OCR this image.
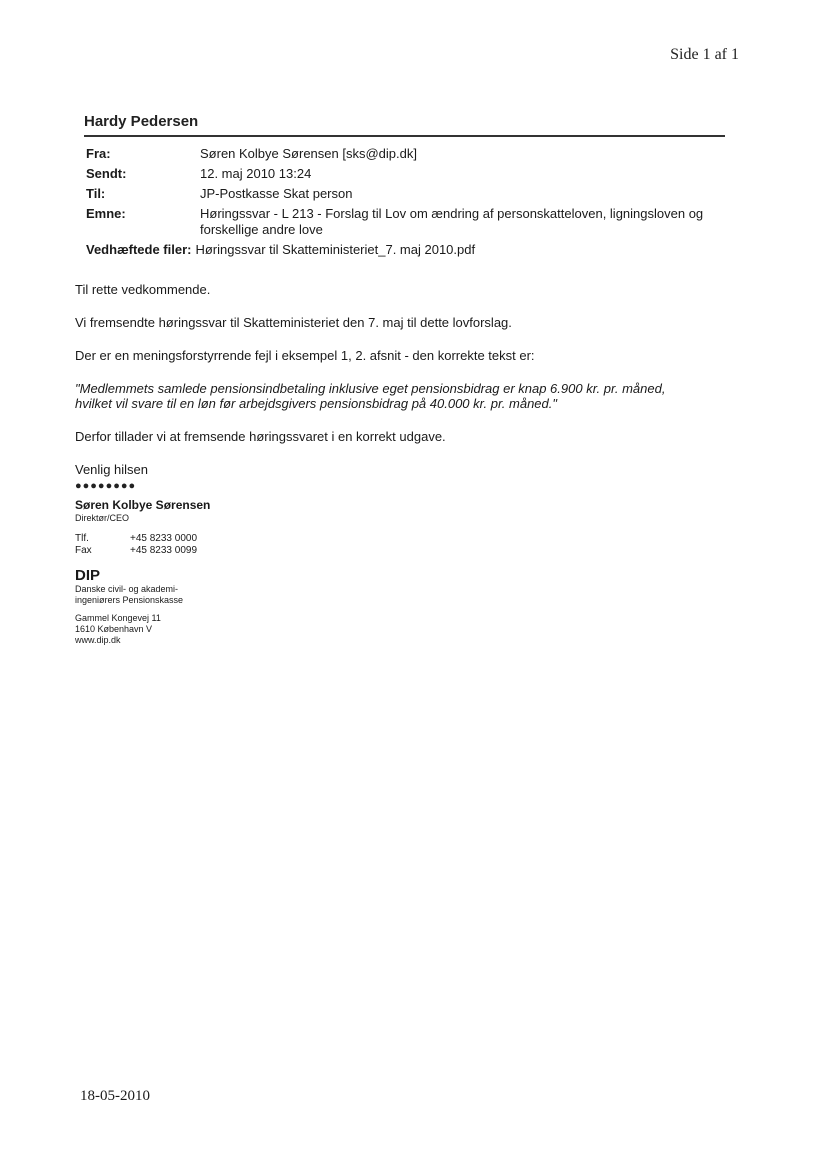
Side 1 af 1
Hardy Pedersen
Fra:	Søren Kolbye Sørensen [sks@dip.dk]
Sendt:	12. maj 2010 13:24
Til:	JP-Postkasse Skat person
Emne:	Høringssvar - L 213 - Forslag til Lov om ændring af personskatteloven, ligningsloven og forskellige andre love
Vedhæftede filer: Høringssvar til Skatteministeriet_7. maj 2010.pdf

Til rette vedkommende.

Vi fremsendte høringssvar til Skatteministeriet den 7. maj til dette lovforslag.

Der er en meningsforstyrrende fejl i eksempel 1, 2. afsnit - den korrekte tekst er:

"Medlemmets samlede pensionsindbetaling inklusive eget pensionsbidrag er knap 6.900 kr. pr. måned, hvilket vil svare til en løn før arbejdsgivers pensionsbidrag på 40.000 kr. pr. måned."

Derfor tillader vi at fremsende høringssvaret i en korrekt udgave.

Venlig hilsen
●●●●●●●●
Søren Kolbye Sørensen
Direktør/CEO
Tlf.	+45 8233 0000
Fax	+45 8233 0099
DIP
Danske civil- og akademi-
ingeniørers Pensionskasse
Gammel Kongevej 11
1610 København V
www.dip.dk
18-05-2010
